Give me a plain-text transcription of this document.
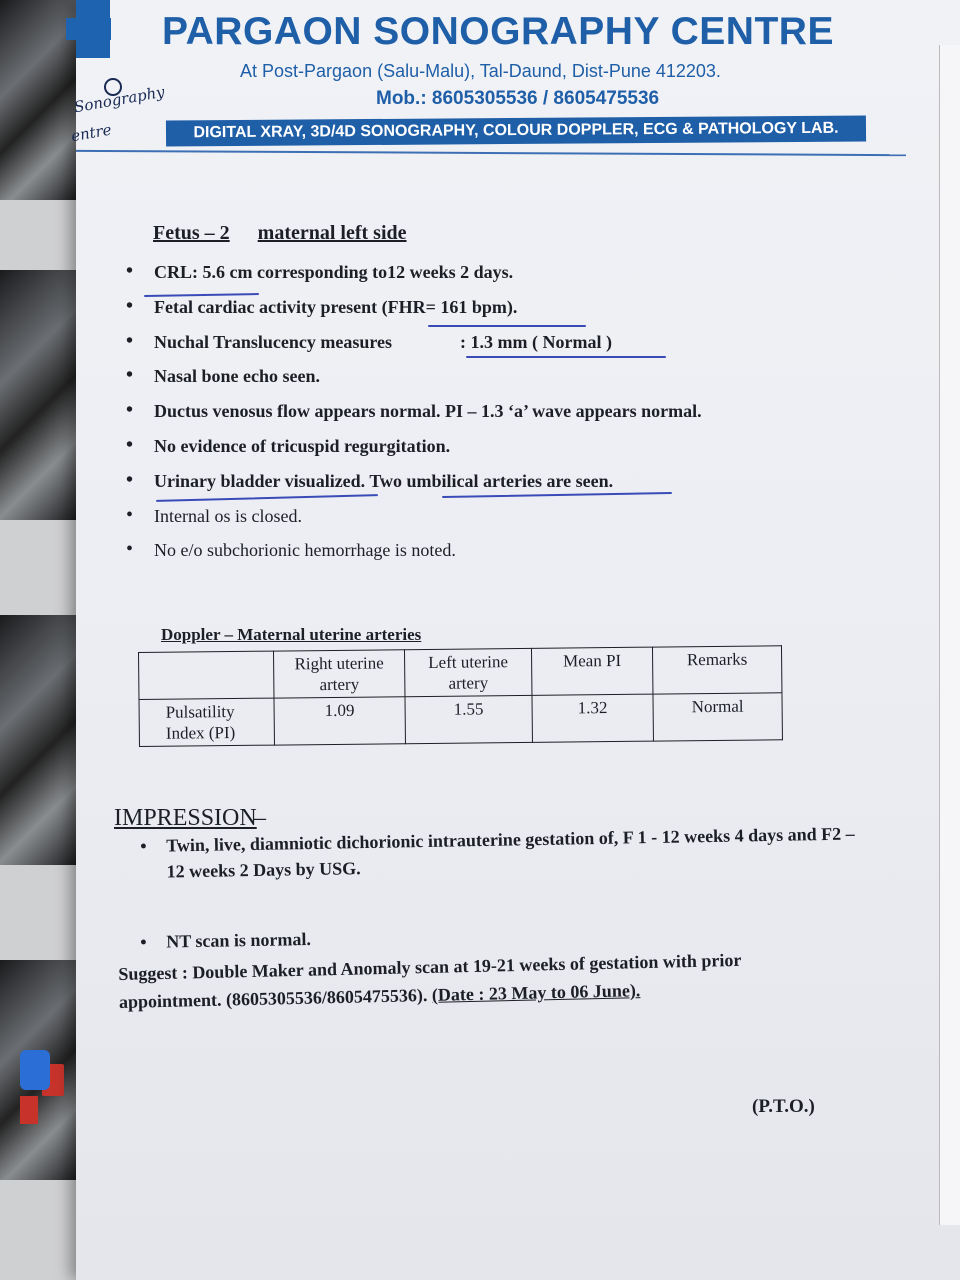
Sonography
entre
PARGAON SONOGRAPHY CENTRE
At Post-Pargaon (Salu-Malu), Tal-Daund, Dist-Pune 412203.
Mob.: 8605305536 / 8605475536
DIGITAL XRAY, 3D/4D SONOGRAPHY, COLOUR DOPPLER, ECG & PATHOLOGY LAB.
Fetus – 2 maternal left side
• CRL: 5.6 cm corresponding to12 weeks 2 days.
• Fetal cardiac activity present (FHR= 161 bpm).
• Nuchal Translucency measures	: 1.3 mm ( Normal )
• Nasal bone echo seen.
• Ductus venosus flow appears normal. PI – 1.3 ‘a’ wave appears normal.
• No evidence of tricuspid regurgitation.
• Urinary bladder visualized. Two umbilical arteries are seen.
• Internal os is closed.
• No e/o subchorionic hemorrhage is noted.
Doppler – Maternal uterine arteries
	Right uterine artery	Left uterine artery	Mean PI	Remarks
Pulsatility Index (PI)	1.09	1.55	1.32	Normal
IMPRESSION
–
• Twin, live, diamniotic dichorionic intrauterine gestation of, F 1 - 12 weeks 4 days and F2 – 12 weeks 2 Days by USG.
• NT scan is normal.
Suggest : Double Maker and Anomaly scan at 19-21 weeks of gestation with prior appointment. (8605305536/8605475536). (Date : 23 May to 06 June).
(P.T.O.)
